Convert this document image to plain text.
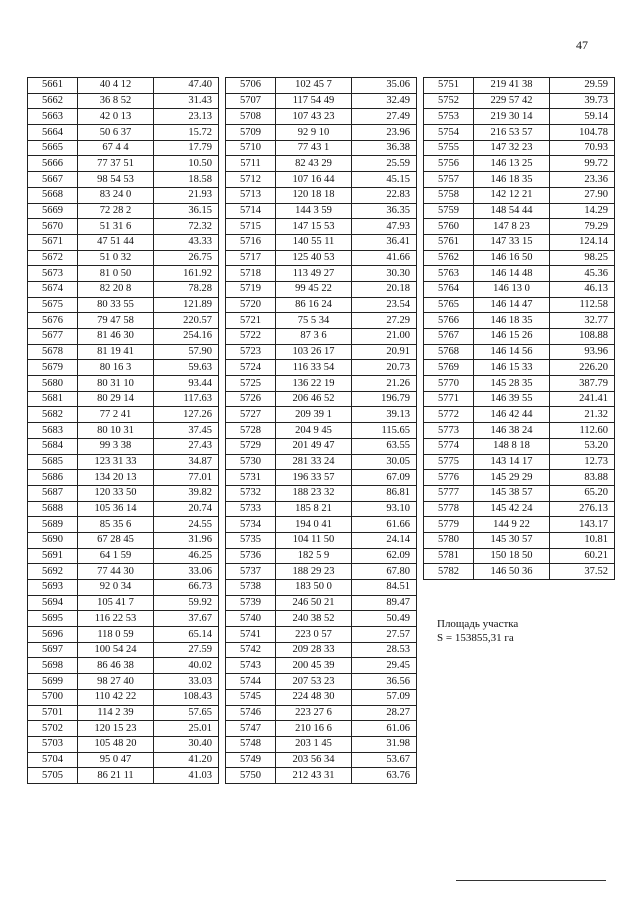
47
5661	40 4 12	47.40
5662	36 8 52	31.43
5663	42 0 13	23.13
5664	50 6 37	15.72
5665	67 4 4	17.79
5666	77 37 51	10.50
5667	98 54 53	18.58
5668	83 24 0	21.93
5669	72 28 2	36.15
5670	51 31 6	72.32
5671	47 51 44	43.33
5672	51 0 32	26.75
5673	81 0 50	161.92
5674	82 20 8	78.28
5675	80 33 55	121.89
5676	79 47 58	220.57
5677	81 46 30	254.16
5678	81 19 41	57.90
5679	80 16 3	59.63
5680	80 31 10	93.44
5681	80 29 14	117.63
5682	77 2 41	127.26
5683	80 10 31	37.45
5684	99 3 38	27.43
5685	123 31 33	34.87
5686	134 20 13	77.01
5687	120 33 50	39.82
5688	105 36 14	20.74
5689	85 35 6	24.55
5690	67 28 45	31.96
5691	64 1 59	46.25
5692	77 44 30	33.06
5693	92 0 34	66.73
5694	105 41 7	59.92
5695	116 22 53	37.67
5696	118 0 59	65.14
5697	100 54 24	27.59
5698	86 46 38	40.02
5699	98 27 40	33.03
5700	110 42 22	108.43
5701	114 2 39	57.65
5702	120 15 23	25.01
5703	105 48 20	30.40
5704	95 0 47	41.20
5705	86 21 11	41.03
5706	102 45 7	35.06
5707	117 54 49	32.49
5708	107 43 23	27.49
5709	92 9 10	23.96
5710	77 43 1	36.38
5711	82 43 29	25.59
5712	107 16 44	45.15
5713	120 18 18	22.83
5714	144 3 59	36.35
5715	147 15 53	47.93
5716	140 55 11	36.41
5717	125 40 53	41.66
5718	113 49 27	30.30
5719	99 45 22	20.18
5720	86 16 24	23.54
5721	75 5 34	27.29
5722	87 3 6	21.00
5723	103 26 17	20.91
5724	116 33 54	20.73
5725	136 22 19	21.26
5726	206 46 52	196.79
5727	209 39 1	39.13
5728	204 9 45	115.65
5729	201 49 47	63.55
5730	281 33 24	30.05
5731	196 33 57	67.09
5732	188 23 32	86.81
5733	185 8 21	93.10
5734	194 0 41	61.66
5735	104 11 50	24.14
5736	182 5 9	62.09
5737	188 29 23	67.80
5738	183 50 0	84.51
5739	246 50 21	89.47
5740	240 38 52	50.49
5741	223 0 57	27.57
5742	209 28 33	28.53
5743	200 45 39	29.45
5744	207 53 23	36.56
5745	224 48 30	57.09
5746	223 27 6	28.27
5747	210 16 6	61.06
5748	203 1 45	31.98
5749	203 56 34	53.67
5750	212 43 31	63.76
5751	219 41 38	29.59
5752	229 57 42	39.73
5753	219 30 14	59.14
5754	216 53 57	104.78
5755	147 32 23	70.93
5756	146 13 25	99.72
5757	146 18 35	23.36
5758	142 12 21	27.90
5759	148 54 44	14.29
5760	147 8 23	79.29
5761	147 33 15	124.14
5762	146 16 50	98.25
5763	146 14 48	45.36
5764	146 13 0	46.13
5765	146 14 47	112.58
5766	146 18 35	32.77
5767	146 15 26	108.88
5768	146 14 56	93.96
5769	146 15 33	226.20
5770	145 28 35	387.79
5771	146 39 55	241.41
5772	146 42 44	21.32
5773	146 38 24	112.60
5774	148 8 18	53.20
5775	143 14 17	12.73
5776	145 29 29	83.88
5777	145 38 57	65.20
5778	145 42 24	276.13
5779	144 9 22	143.17
5780	145 30 57	10.81
5781	150 18 50	60.21
5782	146 50 36	37.52
Площадь участка
S = 153855,31 га
